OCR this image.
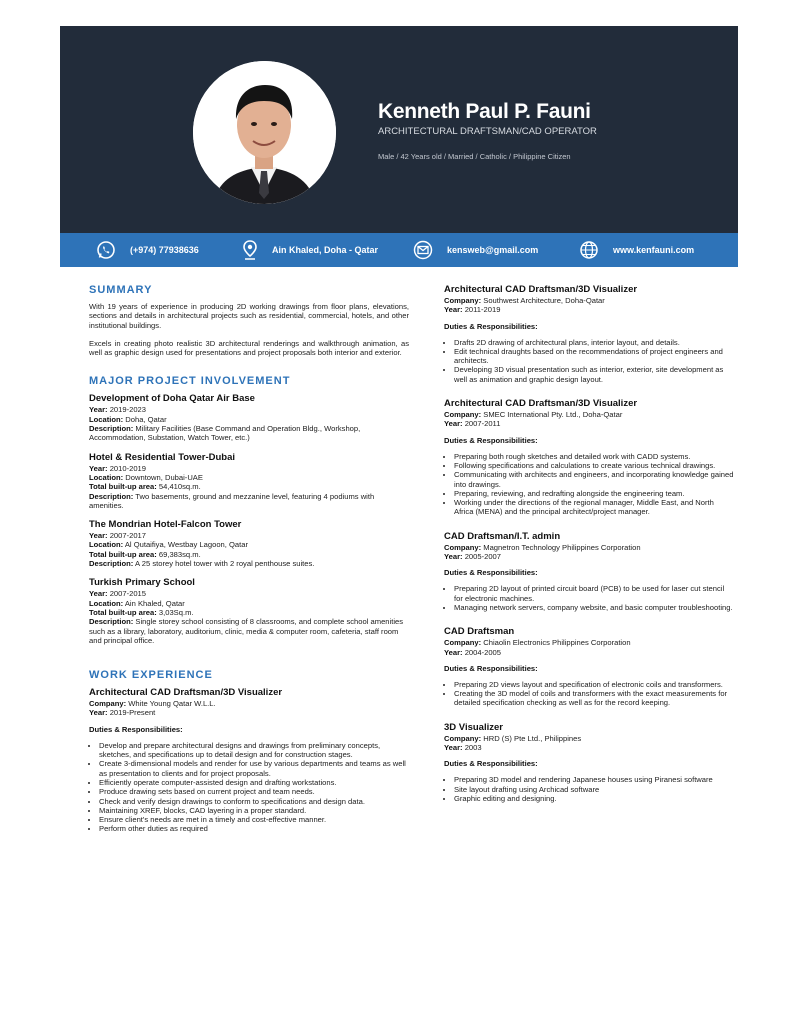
Kenneth Paul P. Fauni
ARCHITECTURAL DRAFTSMAN/CAD OPERATOR
Male / 42 Years old / Married / Catholic / Philippine Citizen
(+974) 77938636	Ain Khaled, Doha - Qatar	kensweb@gmail.com	www.kenfauni.com
SUMMARY
With 19 years of experience in producing 2D working drawings from floor plans, elevations, sections and details in architectural projects such as residential, commercial, hotels, and other institutional buildings.
Excels in creating photo realistic 3D architectural renderings and walkthrough animation, as well as graphic design used for presentations and project proposals both interior and exterior.
MAJOR PROJECT INVOLVEMENT
Development of Doha Qatar Air Base
Year: 2019-2023
Location: Doha, Qatar
Description: Military Facilities (Base Command and Operation Bldg., Workshop, Accommodation, Substation, Watch Tower, etc.)
Hotel & Residential Tower-Dubai
Year: 2010-2019
Location: Downtown, Dubai-UAE
Total built-up area: 54,410sq.m.
Description: Two basements, ground and mezzanine level, featuring 4 podiums with amenities.
The Mondrian Hotel-Falcon Tower
Year: 2007-2017
Location: Al Qutaifiya, Westbay Lagoon, Qatar
Total built-up area: 69,383sq.m.
Description: A 25 storey hotel tower with 2 royal penthouse suites.
Turkish Primary School
Year: 2007-2015
Location: Ain Khaled, Qatar
Total built-up area: 3,03Sq.m.
Description: Single storey school consisting of 8 classrooms, and complete school amenities such as a library, laboratory, auditorium, clinic, media & computer room, cafeteria, staff room and principal office.
WORK EXPERIENCE
Architectural CAD Draftsman/3D Visualizer
Company: White Young Qatar W.L.L.
Year: 2019-Present
Duties & Responsibilities:
• Develop and prepare architectural designs and drawings from preliminary concepts, sketches, and specifications up to detail design and for construction stages.
• Create 3-dimensional models and render for use by various departments and teams as well as presentation to clients and for project proposals.
• Efficiently operate computer-assisted design and drafting workstations.
• Produce drawing sets based on current project and team needs.
• Check and verify design drawings to conform to specifications and design data.
• Maintaining XREF, blocks, CAD layering in a proper standard.
• Ensure client's needs are met in a timely and cost-effective manner.
• Perform other duties as required
Architectural CAD Draftsman/3D Visualizer
Company: Southwest Architecture, Doha-Qatar
Year: 2011-2019
Duties & Responsibilities:
• Drafts 2D drawing of architectural plans, interior layout, and details.
• Edit technical draughts based on the recommendations of project engineers and architects.
• Developing 3D visual presentation such as interior, exterior, site development as well as animation and graphic design layout.
Architectural CAD Draftsman/3D Visualizer
Company: SMEC International Pty. Ltd., Doha-Qatar
Year: 2007-2011
Duties & Responsibilities:
• Preparing both rough sketches and detailed work with CADD systems.
• Following specifications and calculations to create various technical drawings.
• Communicating with architects and engineers, and incorporating knowledge gained into drawings.
• Preparing, reviewing, and redrafting alongside the engineering team.
• Working under the directions of the regional manager, Middle East, and North Africa (MENA) and the principal architect/project manager.
CAD Draftsman/I.T. admin
Company: Magnetron Technology Philippines Corporation
Year: 2005-2007
Duties & Responsibilities:
• Preparing 2D layout of printed circuit board (PCB) to be used for laser cut stencil for electronic machines.
• Managing network servers, company website, and basic computer troubleshooting.
CAD Draftsman
Company: Chiaolin Electronics Philippines Corporation
Year: 2004-2005
Duties & Responsibilities:
• Preparing 2D views layout and specification of electronic coils and transformers.
• Creating the 3D model of coils and transformers with the exact measurements for detailed specification checking as well as for the record keeping.
3D Visualizer
Company: HRD (S) Pte Ltd., Philippines
Year: 2003
Duties & Responsibilities:
• Preparing 3D model and rendering Japanese houses using Piranesi software
• Site layout drafting using Archicad software
• Graphic editing and designing.
